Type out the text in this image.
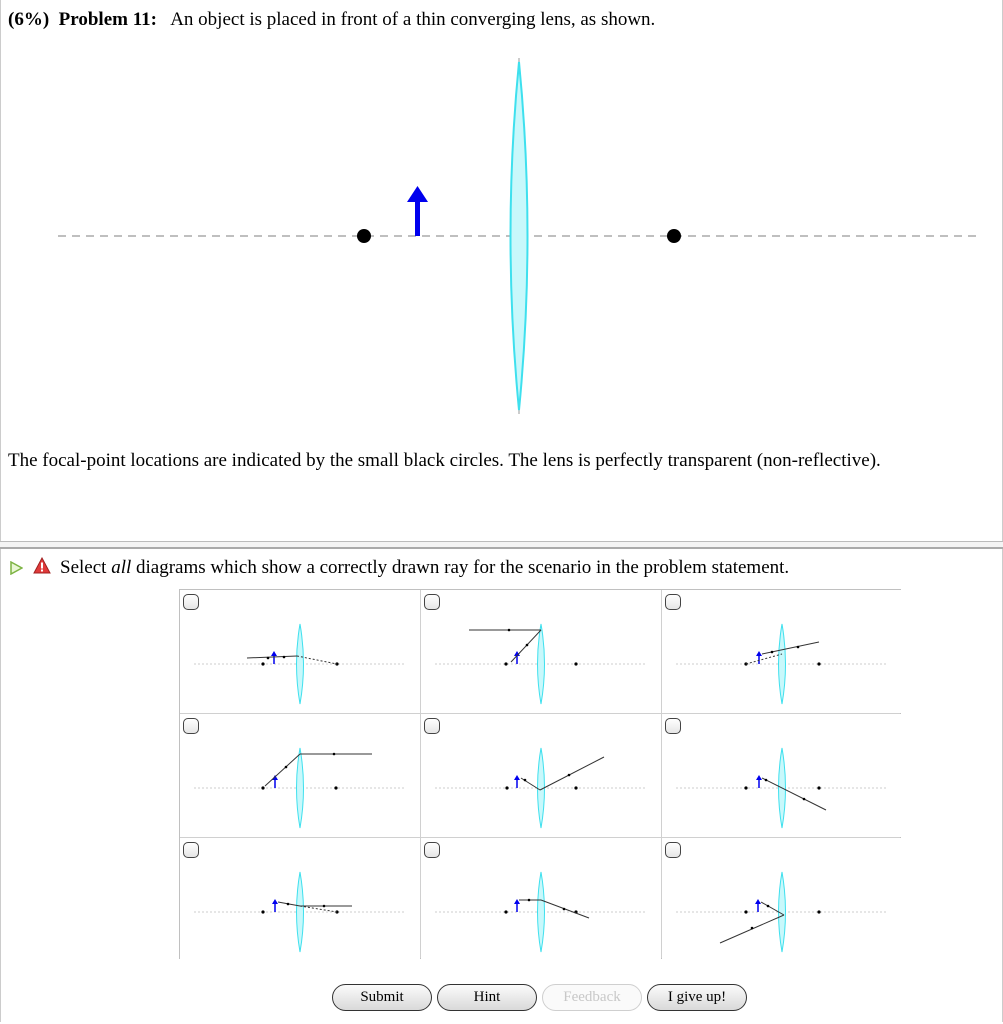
(6%) Problem 11: An object is placed in front of a thin converging lens, as shown.
The focal-point locations are indicated by the small black circles. The lens is perfectly transparent (non-reflective).
Select all diagrams which show a correctly drawn ray for the scenario in the problem statement.
Submit	Hint	Feedback	I give up!
